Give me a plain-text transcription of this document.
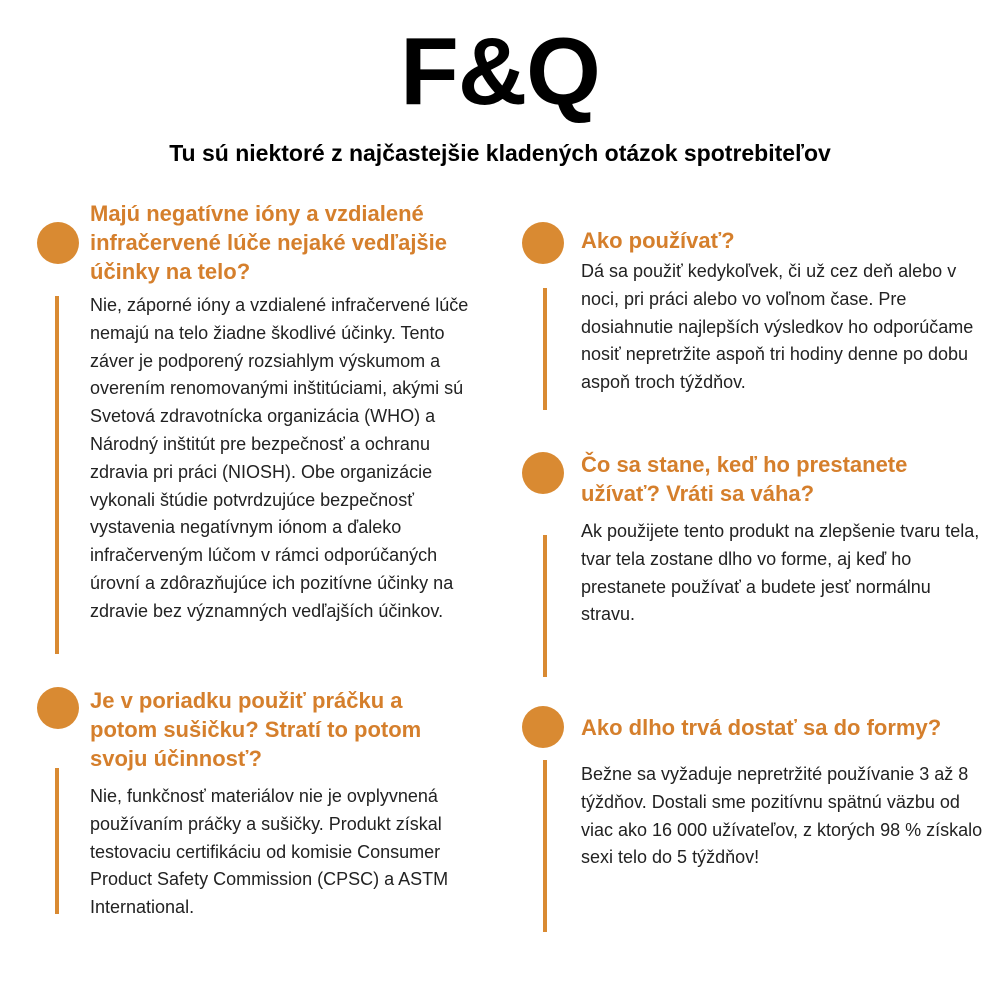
F&Q
Tu sú niektoré z najčastejšie kladených otázok spotrebiteľov
Majú negatívne ióny a vzdialené infračervené lúče nejaké vedľajšie účinky na telo?
Nie, záporné ióny a vzdialené infračervené lúče nemajú na telo žiadne škodlivé účinky. Tento záver je podporený rozsiahlym výskumom a overením renomovanými inštitúciami, akými sú Svetová zdravotnícka organizácia (WHO) a Národný inštitút pre bezpečnosť a ochranu zdravia pri práci (NIOSH). Obe organizácie vykonali štúdie potvrdzujúce bezpečnosť vystavenia negatívnym iónom a ďaleko infračerveným lúčom v rámci odporúčaných úrovní a zdôrazňujúce ich pozitívne účinky na zdravie bez významných vedľajších účinkov.
Je v poriadku použiť práčku a potom sušičku? Stratí to potom svoju účinnosť?
Nie, funkčnosť materiálov nie je ovplyvnená používaním práčky a sušičky. Produkt získal testovaciu certifikáciu od komisie Consumer Product Safety Commission (CPSC) a ASTM International.
Ako používať?
Dá sa použiť kedykoľvek, či už cez deň alebo v noci, pri práci alebo vo voľnom čase. Pre dosiahnutie najlepších výsledkov ho odporúčame nosiť nepretržite aspoň tri hodiny denne po dobu aspoň troch týždňov.
Čo sa stane, keď ho prestanete užívať? Vráti sa váha?
Ak použijete tento produkt na zlepšenie tvaru tela, tvar tela zostane dlho vo forme, aj keď ho prestanete používať a budete jesť normálnu stravu.
Ako dlho trvá dostať sa do formy?
Bežne sa vyžaduje nepretržité používanie 3 až 8 týždňov. Dostali sme pozitívnu spätnú väzbu od viac ako 16 000 užívateľov, z ktorých 98 % získalo sexi telo do 5 týždňov!
